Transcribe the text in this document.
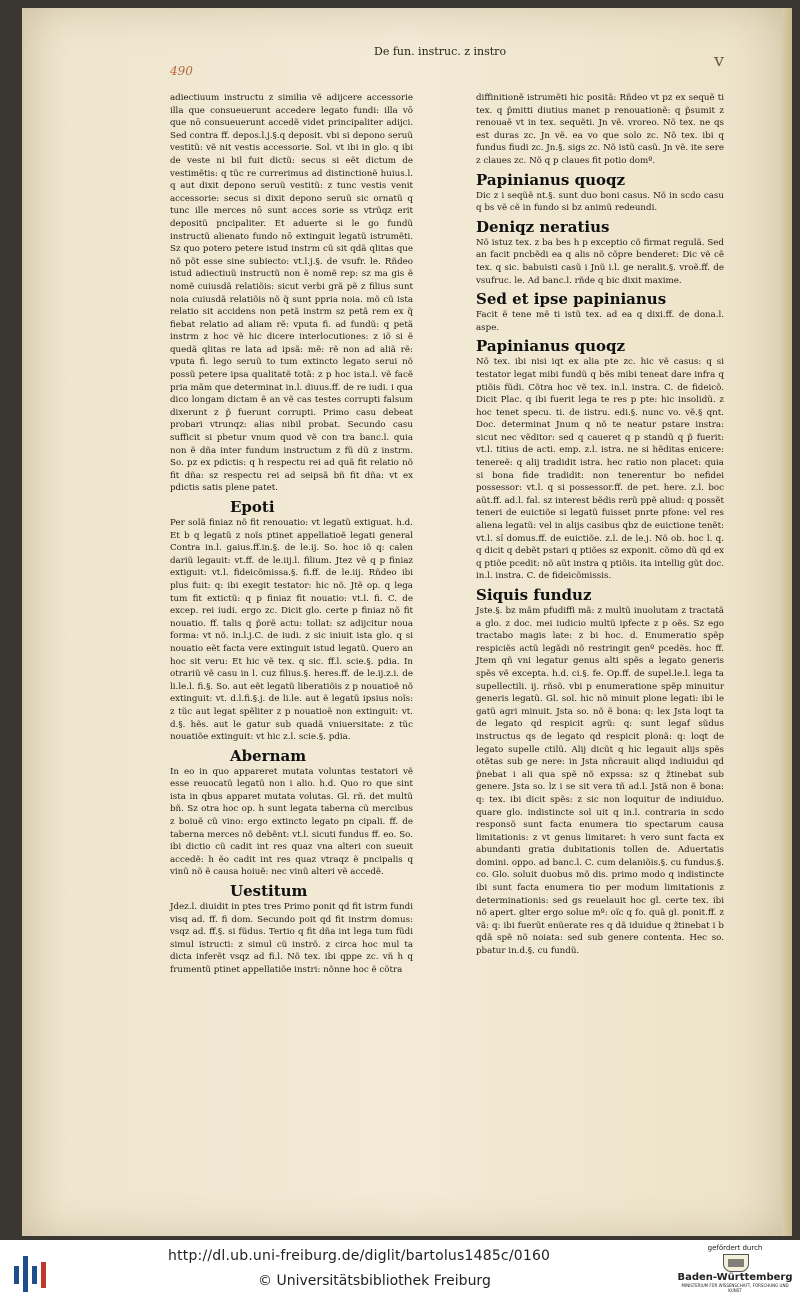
De fun. instruc. z instro
490	v

adiectiuum instructu z similia vẽ adijcere accessorie illa que consueuerunt accedere legato fundi: illa vō que nō consueuerunt accedẽ videt principaliter adijci. Sed contra ff. depos.l.j.§.q deposit. vbi si depono seruũ vestitũ: vẽ nit vestis accessorie. Sol. vt ibi in glo. q ibi de veste ni bil fuit dictũ: secus si eẽt dictum de vestimẽtis: q tũc re currerimus ad distinctionẽ huius.l. q aut dixit depono seruũ vestitũ: z tunc vestis venit accessorie: secus si dixit depono seruũ sic ornatũ q tunc ille merces nō sunt acces sorie ss vtrũqz erit depositũ pncipaliter. Et aduerte si le go fundũ instructũ alienato fundo nō extinguit legatũ istrumẽti. Sz quo potero petere istud instrm cũ sit qdã qlitas que nõ põt esse sine subiecto: vt.l.j.§. de vsufr. le. Rñdeo istud adiectiuũ instructũ non ẽ nomẽ rep: sz ma gis ẽ nomẽ cuiusdã relatiõis: sicut verbi grã pẽ z filius sunt noia cuiusdã relatiõis nõ q̃ sunt ppria noia. mõ cũ ista relatio sit accidens non petã instrm sz petã rem ex q̃ fiebat relatio ad aliam rẽ: vputa fi. ad fundũ: q petã instrm z hoc vẽ hic dicere interlocutiones: z iõ si ẽ quedã qlitas re lata ad ipsã: mẽ: rẽ non ad aliã rẽ: vputa fi. lego seruũ to tum extincto legato serui nõ possũ petere ipsa qualitatẽ totã: z p hoc ista.l. vẽ facẽ pria mãm que determinat in.l. diuus.ff. de re iudi. i qua dico longam dictam ẽ an vẽ cas testes corrupti falsum dixerunt z p̃ fuerunt corrupti. Primo casu debeat probari vtrunqz: alias nibil probat. Secundo casu sufficit si pbetur vnum quod vẽ con tra banc.l. quia non ẽ dña inter fundum instructum z fũ dũ z instrm. So. pz ex pdictis: q h respectu rei ad quã fit relatio nõ fit dña: sz respectu rei ad seipsã bñ fit dña: vt ex pdictis satis plene patet.

Epoti

Per solã finiaz nõ fit renouatio: vt legatũ extiguat. h.d. Et b q legatũ z noĩs ptinet appellatioẽ legati general Contra in.l. gaius.ff.in.§. de le.ij. So. hoc iõ q: calen dariũ legauit: vt.ff. de le.iij.l. filium. Jtez vẽ q p finiaz extiguit: vt.l. fideicõmissa.§. fi.ff. de le.iij. Rñdeo ibi plus fuit: q: ibi exegit testator: hic nõ. Jtẽ op. q lega tum fit extictũ: q p finiaz fit nouatio: vt.l. fi. C. de excep. rei iudi. ergo zc. Dicit glo. certe p finiaz nõ fit nouatio. ff. talis q p̃orẽ actu: tollat: sz adijcitur noua forma: vt nõ. in.l.j.C. de iudi. z sic iniuit ista glo. q si nouatio eẽt facta vere extinguit istud legatũ. Quero an hoc sit veru: Et hic vẽ tex. q sic. ff.l. scie.§. pdia. In otrariũ vẽ casu in l. cuz filius.§. heres.ff. de le.ij.z.i. de li.le.l. fi.§. So. aut eẽt legatũ liberatiõis z p nouatioẽ nõ extinguit: vt. d.l.fi.§.j. de li.le. aut ẽ legatũ ipsius noĩs: z tũc aut legat spẽliter z p nouatioẽ non extinguit: vt. d.§. hẽs. aut le gatur sub quadã vniuersitate: z tũc nouatiõe extinguit: vt hic z.l. scie.§. pdia.

Abernam

In eo in quo appareret mutata voluntas testatori vẽ esse reuocatũ legatũ non i alio. h.d. Quo ro que sint ista in qbus apparet mutata volutas. Gl. rñ. det multũ bñ. Sz otra hoc op. h sunt legata taberna cũ mercibus z boiuẽ cũ vino: ergo extincto legato pn cipali. ff. de taberna merces nõ debẽnt: vt.l. sicuti fundus ff. eo. So. ibi dictio cũ cadit int res quaz vna alteri con sueuit accedẽ: h ẽo cadit int res quaz vtraqz ẽ pncipalis q vinũ nõ ẽ causa hoiuẽ: nec vinũ alteri vẽ accedẽ.

Uestitum

Jdez.l. diuidit in ptes tres Primo ponit qd fit istrm fundi visq ad. ff. fi dom. Secundo poit qd fit instrm domus: vsqz ad. ff.§. si fũdus. Tertio q fit dña int lega tum fũdi simul istructi: z simul cũ instrõ. z circa hoc mul ta dicta inferẽt vsqz ad fi.l. Nõ tex. ibi qppe zc. vñ h q frumentũ ptinet appellatiõe instri: nõnne hoc ẽ cõtra

diffinitionẽ istrumẽti hic positã: Rñdeo vt pz ex sequẽ ti tex. q p̃mitti diutius manet p renouationẽ: q p̃sumit z renouaẽ vt in tex. sequẽti. Jn vẽ. vroreo. Nõ tex. ne qs est duras zc. Jn vẽ. ea vo que solo zc. Nõ tex. ibi q fundus fiudi zc. Jn.§. sigs zc. Nõ istũ casũ. Jn vẽ. ite sere z claues zc. Nõ q p claues fit potio domº.

Papinianus quoqz

Dic z i seqũẽ nt.§. sunt duo boni casus. Nõ in scdo casu q bs vẽ cẽ in fundo si bz animũ redeundi.

Deniqz neratius

Nõ istuz tex. z ba bes h p exceptio cõ firmat regulã. Sed an facit pncbẽdi ea q alis nõ cõpre benderet: Dic vẽ cẽ tex. q sic. babuisti casũ i Jnũ i.l. ge neralit.§. vroẽ.ff. de vsufruc. le. Ad banc.l. rñde q bic dixit maxime.

Sed et ipse papinianus

Facit ẽ tene mẽ ti istũ tex. ad ea q dixi.ff. de dona.l. aspe.

Papinianus quoqz

Nõ tex. ibi nisi iqt ex alia pte zc. hic vẽ casus: q si testator legat mibi fundũ q bẽs mibi teneat dare infra q ptiõis fũdi. Cõtra hoc vẽ tex. in.l. instra. C. de fideicõ. Dicit Plac. q ibi fuerit lega te res p pte: hic insolidũ. z hoc tenet specu. ti. de iistru. edi.§. nunc vo. vẽ.§ qnt. Doc. determinat Jnum q nõ te neatur pstare instra: sicut nec vẽditor: sed q caueret q p standũ q p̃ fuerit: vt.l. titius de acti. emp. z.l. istra. ne si hẽditas enicere: tenereẽ: q alij tradidit istra. hec ratio non placet: quia si bona fide tradidit: non tenerentur bo nefidei possessor: vt.l. q si possessor.ff. de pet. here. z.l. boc aũt.ff. ad.l. fal. sz interest bẽdis rerũ ppẽ aliud: q possẽt teneri de euictiõe si legatũ fuisset pnrte pfone: vel res aliena legatũ: vel in alijs casibus qbz de euictione tenẽt: vt.l. sỉ domus.ff. de euictiõe. z.l. de le.j. Nõ ob. hoc l. q. q dicit q debẽt pstari q ptiões sz exponit. cõmo dũ qd ex q ptiõe pcedit: nõ aũt instra q ptiõis. ita intellig gũt doc. in.l. instra. C. de fideicõmissis.

Siquis funduz

Jste.§. bz mãm pfudiffi mã: z multũ inuolutam z tractatã a glo. z doc. mei iudicio multũ ipfecte z p oẽs. Sz ego tractabo magis late: z bi hoc. d. Enumeratio spẽp respiciẽs actũ legãdi nõ restringit genº pcedẽs. hoc ff. Jtem qñ vni legatur genus alti spẽs a legato generis spẽs vẽ excepta. h.d. ci.§. fe. Op.ff. de supel.le.l. lega ta supellectili. ij. rñsõ. vbi p enumeratione spẽp minuitur generis legatũ. Gl. sol. hic nõ minuit plone legati: ibi le gatũ agri minuit. Jsta so. nõ ẽ bona: q: lex Jsta loqt ta de legato qd respicit agrũ: q: sunt legaf sũdus instructus qs de legato qd respicit plonã: q: loqt de legato supelle ctilũ. Alij dicũt q hic legauit alijs spẽs otẽtas sub ge nere: in Jsta nñcrauit aliqd indiuidui qd p̃nebat i ali qua spẽ nõ expssa: sz q z̃tinebat sub genere. Jsta so. lz i se sit vera tñ ad.l. Jstã non ẽ bona: q: tex. ibi dicit spẽs: z sic non loquitur de indiuiduo. quare glo. indistincte sol uit q in.l. contraria in scdo responsõ sunt facta enumera tio spectarum causa limitationis: z vt genus limitaret: h vero sunt facta ex abundanti gratia dubitationis tollen de. Aduertatis domini. oppo. ad banc.l. C. cum delaniõis.§. cu fundus.§. co. Glo. soluit duobus mõ dis. primo modo q indistincte ibi sunt facta enumera tio per modum limitationis z determinationis: sed gs reuelauit hoc gl. certe tex. ibi nõ apert. glter ergo solue mº: oĩc q fo. quã gl. ponit.ff. z vã: q: ibi fuerũt enũerate res q dã iduidue q z̃tinebat i b qdã spẽ nõ noiata: sed sub genere contenta. Hec so. pbatur in.d.§. cu fundũ.

http://dl.ub.uni-freiburg.de/diglit/bartolus1485c/0160
© Universitätsbibliothek Freiburg
gefördert durch
Baden-Württemberg
MINISTERIUM FÜR WISSENSCHAFT, FORSCHUNG UND KUNST
